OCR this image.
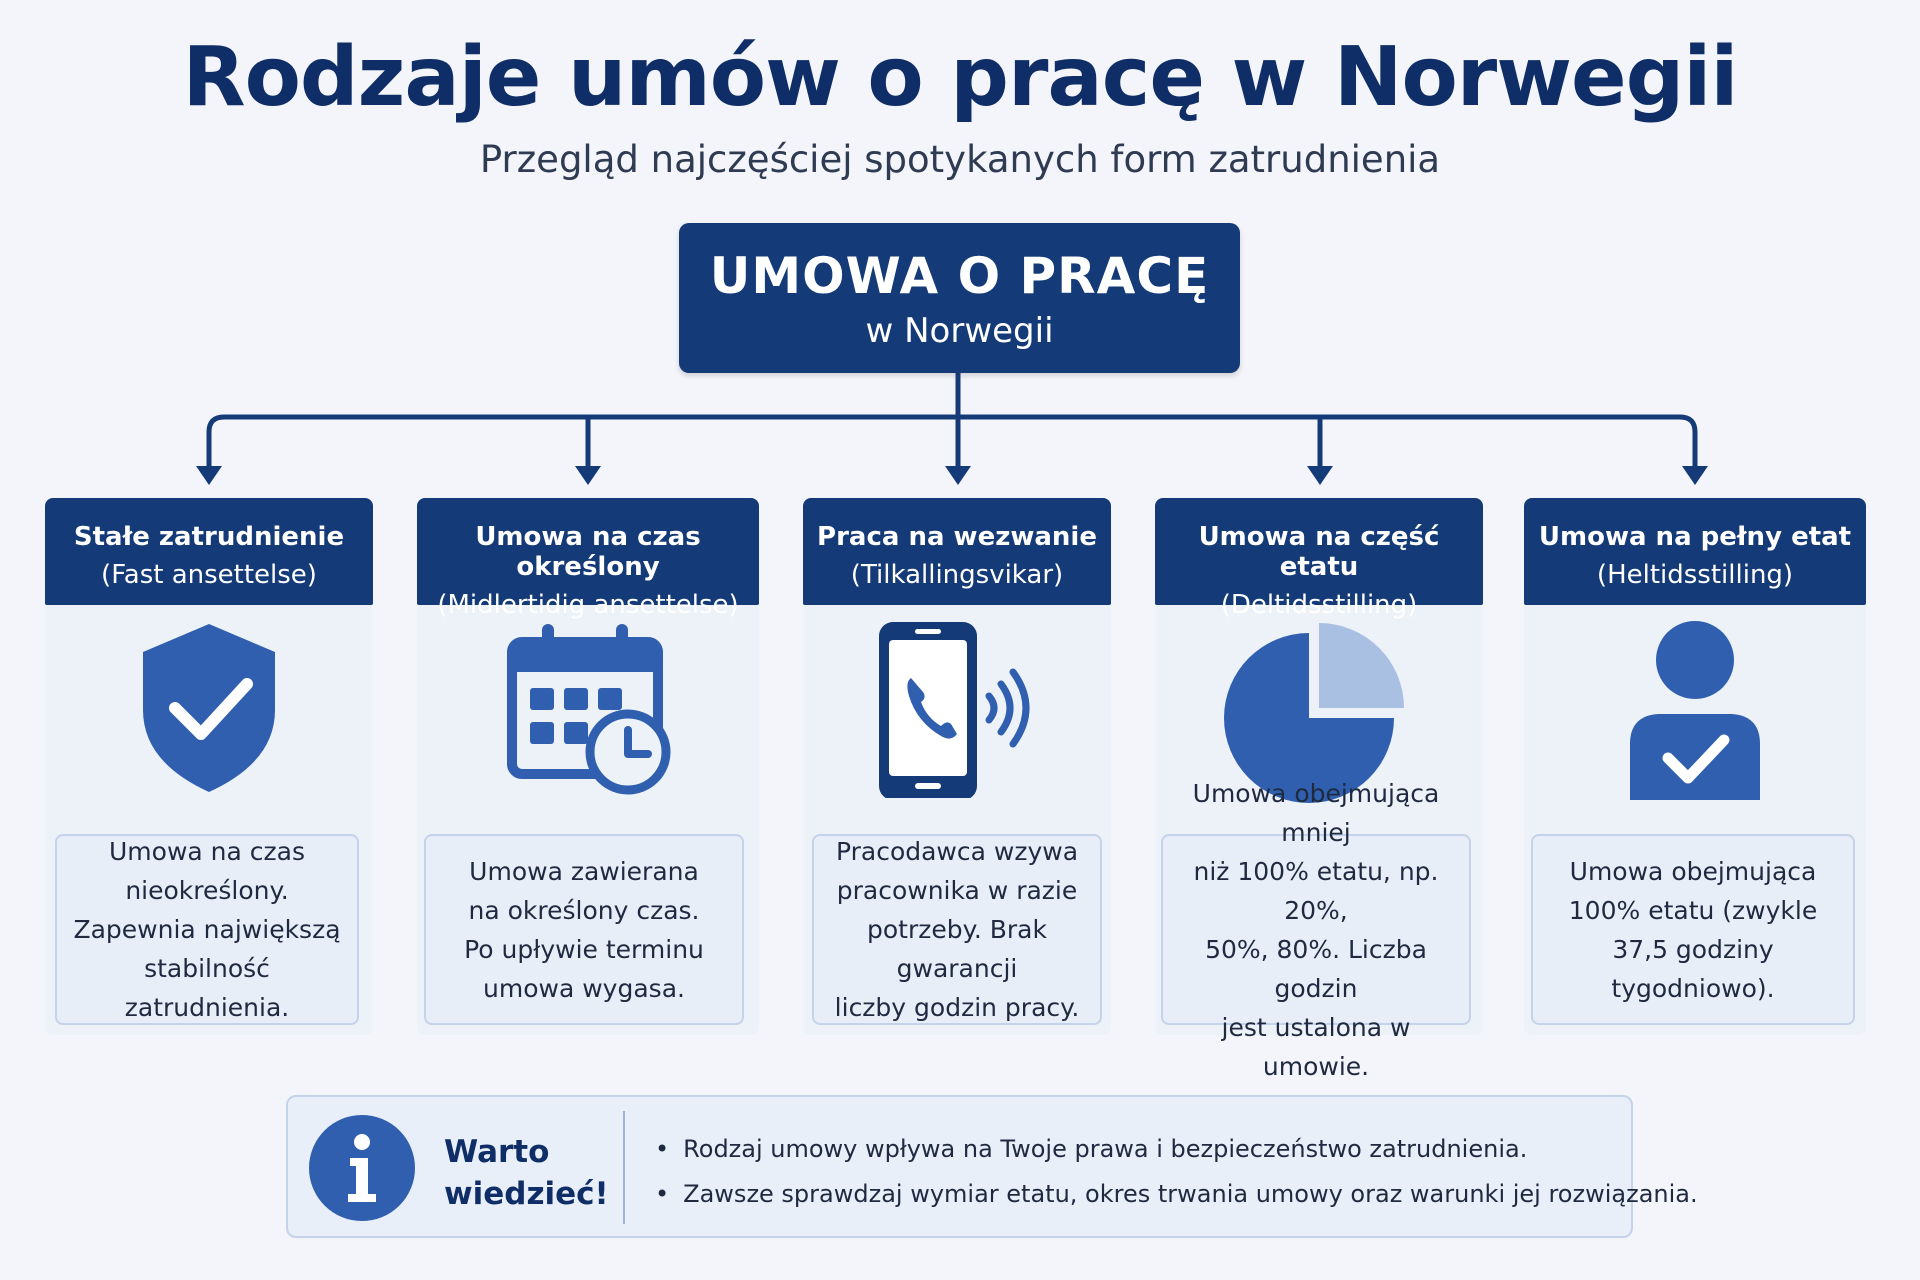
Rodzaje umów o pracę w Norwegii

Przegląd najczęściej spotykanych form zatrudnienia

UMOWA O PRACĘ
w Norwegii
Stałe zatrudnienie
(Fast ansettelse)
Umowa na czas
nieokreślony.
Zapewnia największą
stabilność zatrudnienia.
Umowa na czas określony
(Midlertidig ansettelse)
Umowa zawierana
na określony czas.
Po upływie terminu
umowa wygasa.
Praca na wezwanie
(Tilkallingsvikar)
Pracodawca wzywa
pracownika w razie
potrzeby. Brak gwarancji
liczby godzin pracy.
Umowa na część etatu
(Deltidsstilling)
Umowa obejmująca mniej
niż 100% etatu, np. 20%,
50%, 80%. Liczba godzin
jest ustalona w umowie.
Umowa na pełny etat
(Heltidsstilling)
Umowa obejmująca
100% etatu (zwykle
37,5 godziny tygodniowo).
Warto
wiedzieć!
• Rodzaj umowy wpływa na Twoje prawa i bezpieczeństwo zatrudnienia.
• Zawsze sprawdzaj wymiar etatu, okres trwania umowy oraz warunki jej rozwiązania.
